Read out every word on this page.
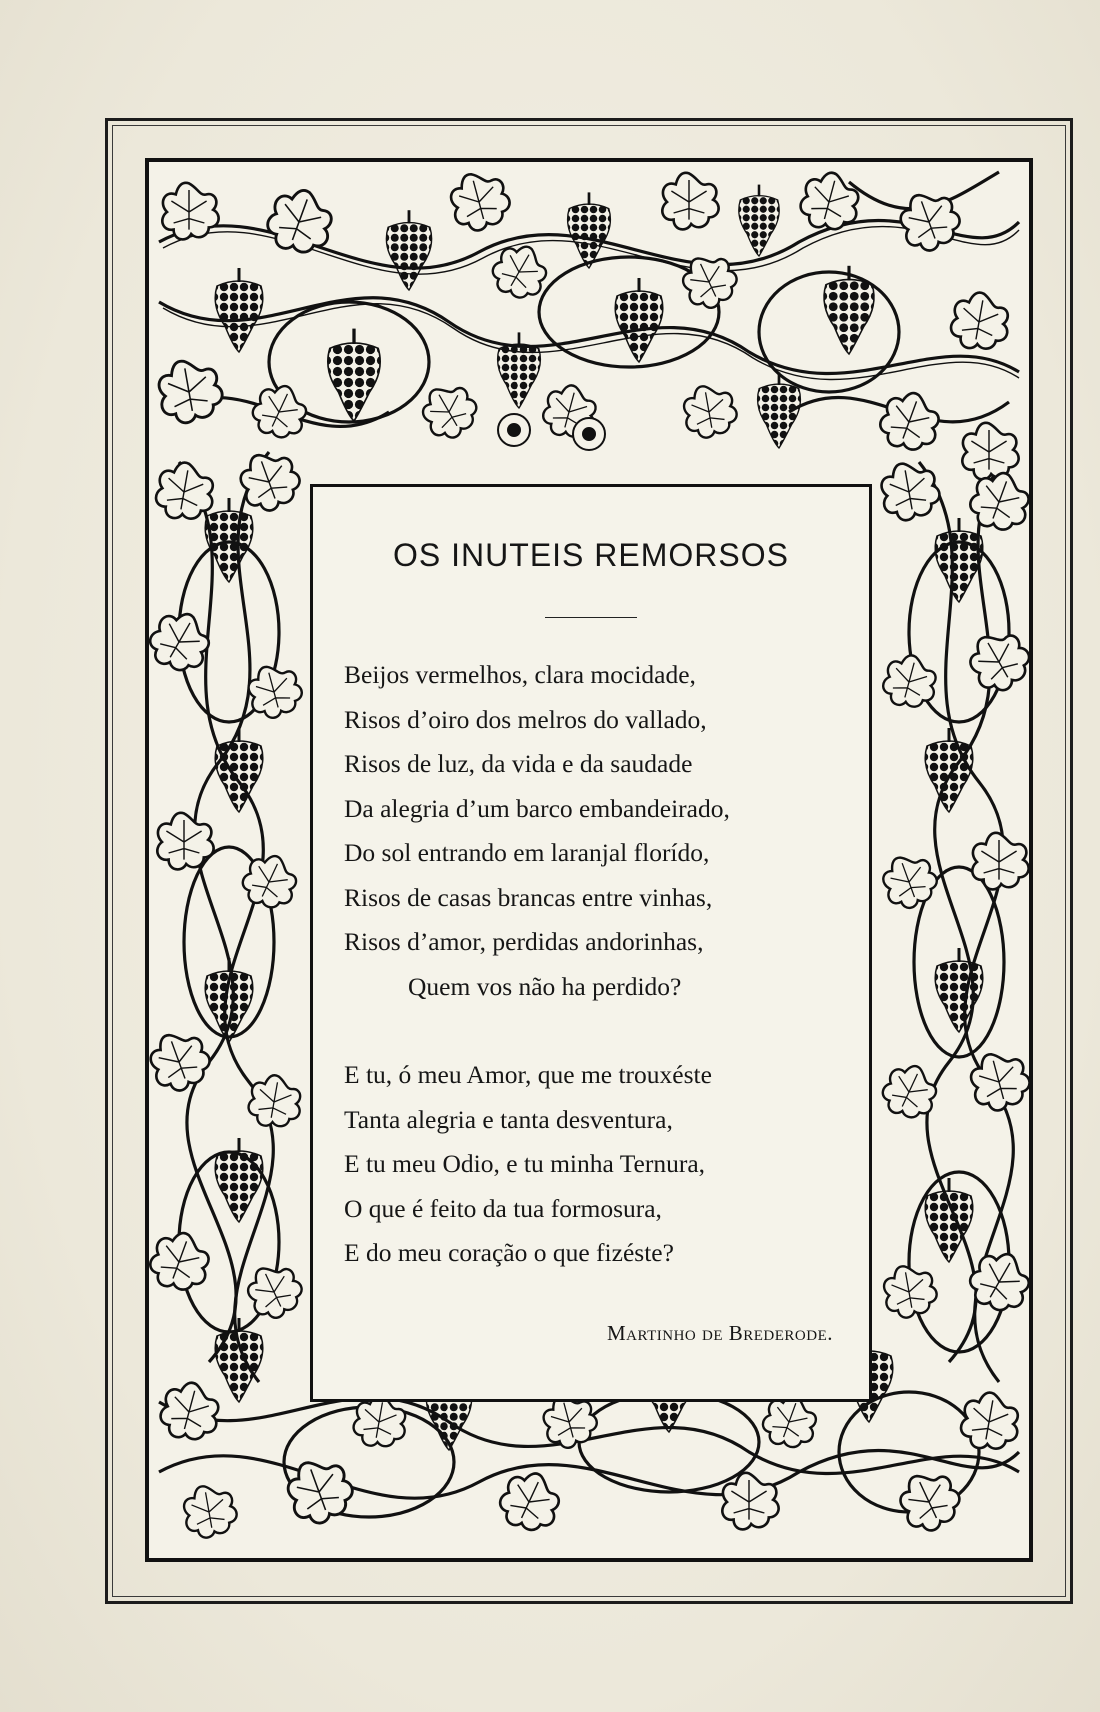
OS INUTEIS REMORSOS
Beijos vermelhos, clara mocidade,
Risos d’oiro dos melros do vallado,
Risos de luz, da vida e da saudade
Da alegria d’um barco embandeirado,
Do sol entrando em laranjal florído,
Risos de casas brancas entre vinhas,
Risos d’amor, perdidas andorinhas,
Quem vos não ha perdido?
E tu, ó meu Amor, que me trouxéste
Tanta alegria e tanta desventura,
E tu meu Odio, e tu minha Ternura,
O que é feito da tua formosura,
E do meu coração o que fizéste?
Martinho de Brederode.
